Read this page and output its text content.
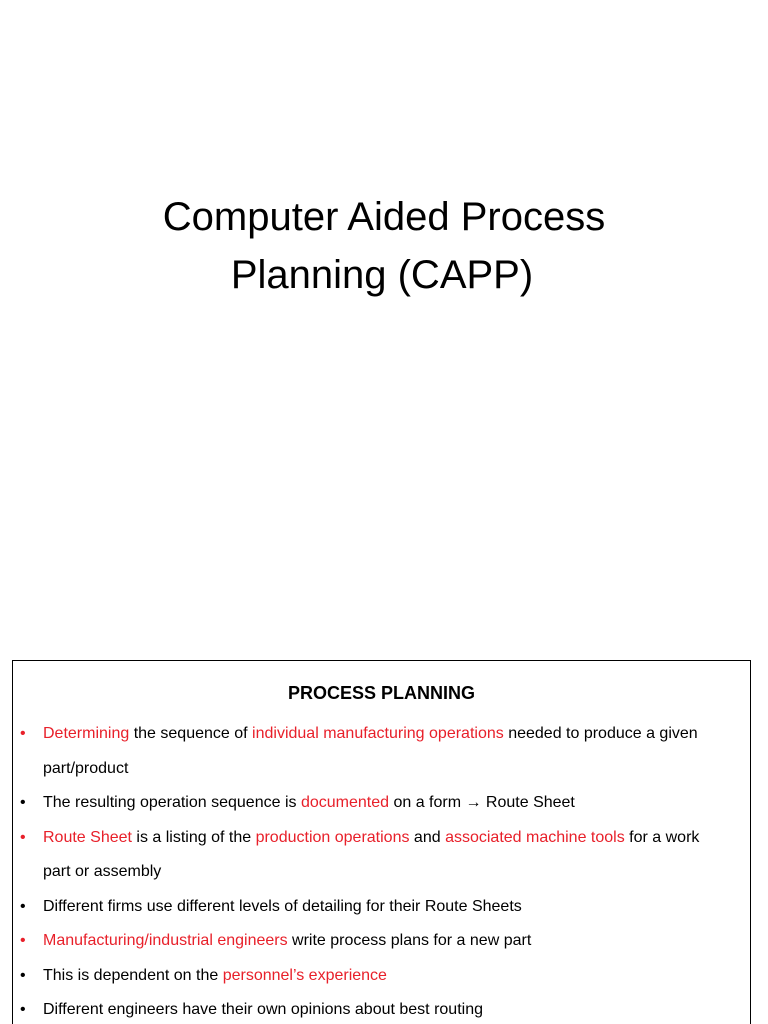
Computer Aided Process
Planning (CAPP)
PROCESS PLANNING
• Determining the sequence of individual manufacturing operations needed to produce a given part/product
• The resulting operation sequence is documented on a form → Route Sheet
• Route Sheet is a listing of the production operations and associated machine tools for a work part or assembly
• Different firms use different levels of detailing for their Route Sheets
• Manufacturing/industrial engineers write process plans for a new part
• This is dependent on the personnel’s experience
• Different engineers have their own opinions about best routing
